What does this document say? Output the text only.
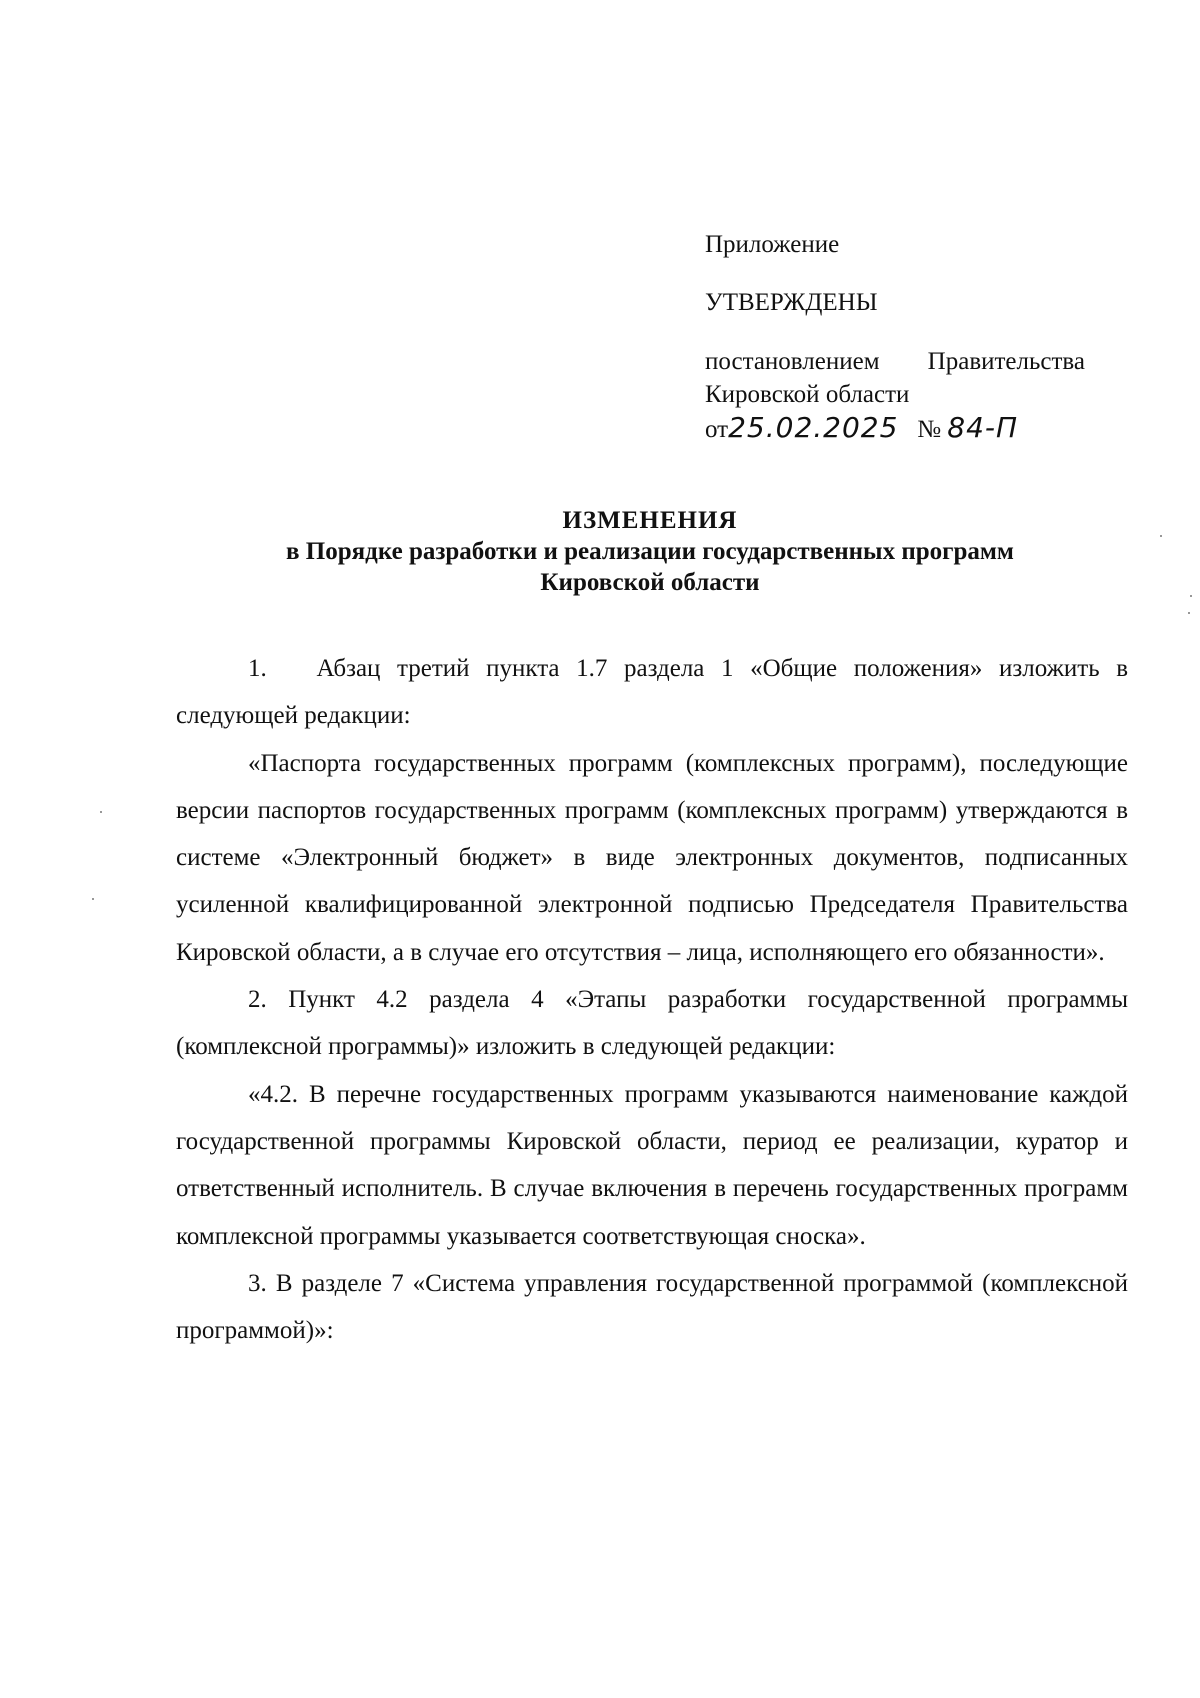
Приложение
УТВЕРЖДЕНЫ
постановлением Правительства
Кировской области
от25.02.2025 № 84-П
ИЗМЕНЕНИЯ
в Порядке разработки и реализации государственных программ
Кировской области

1.   Абзац третий пункта 1.7 раздела 1 «Общие положения» изложить в следующей редакции:

«Паспорта государственных программ (комплексных программ), последующие версии паспортов государственных программ (комплексных программ) утверждаются в системе «Электронный бюджет» в виде электронных документов, подписанных усиленной квалифицированной электронной подписью Председателя Правительства Кировской области, а в случае его отсутствия – лица, исполняющего его обязанности».

2. Пункт 4.2 раздела 4 «Этапы разработки государственной программы (комплексной программы)» изложить в следующей редакции:

«4.2. В перечне государственных программ указываются наименование каждой государственной программы Кировской области, период ее реализации, куратор и ответственный исполнитель. В случае включения в перечень государственных программ комплексной программы указывается соответствующая сноска».

3. В разделе 7 «Система управления государственной программой (комплексной программой)»:
